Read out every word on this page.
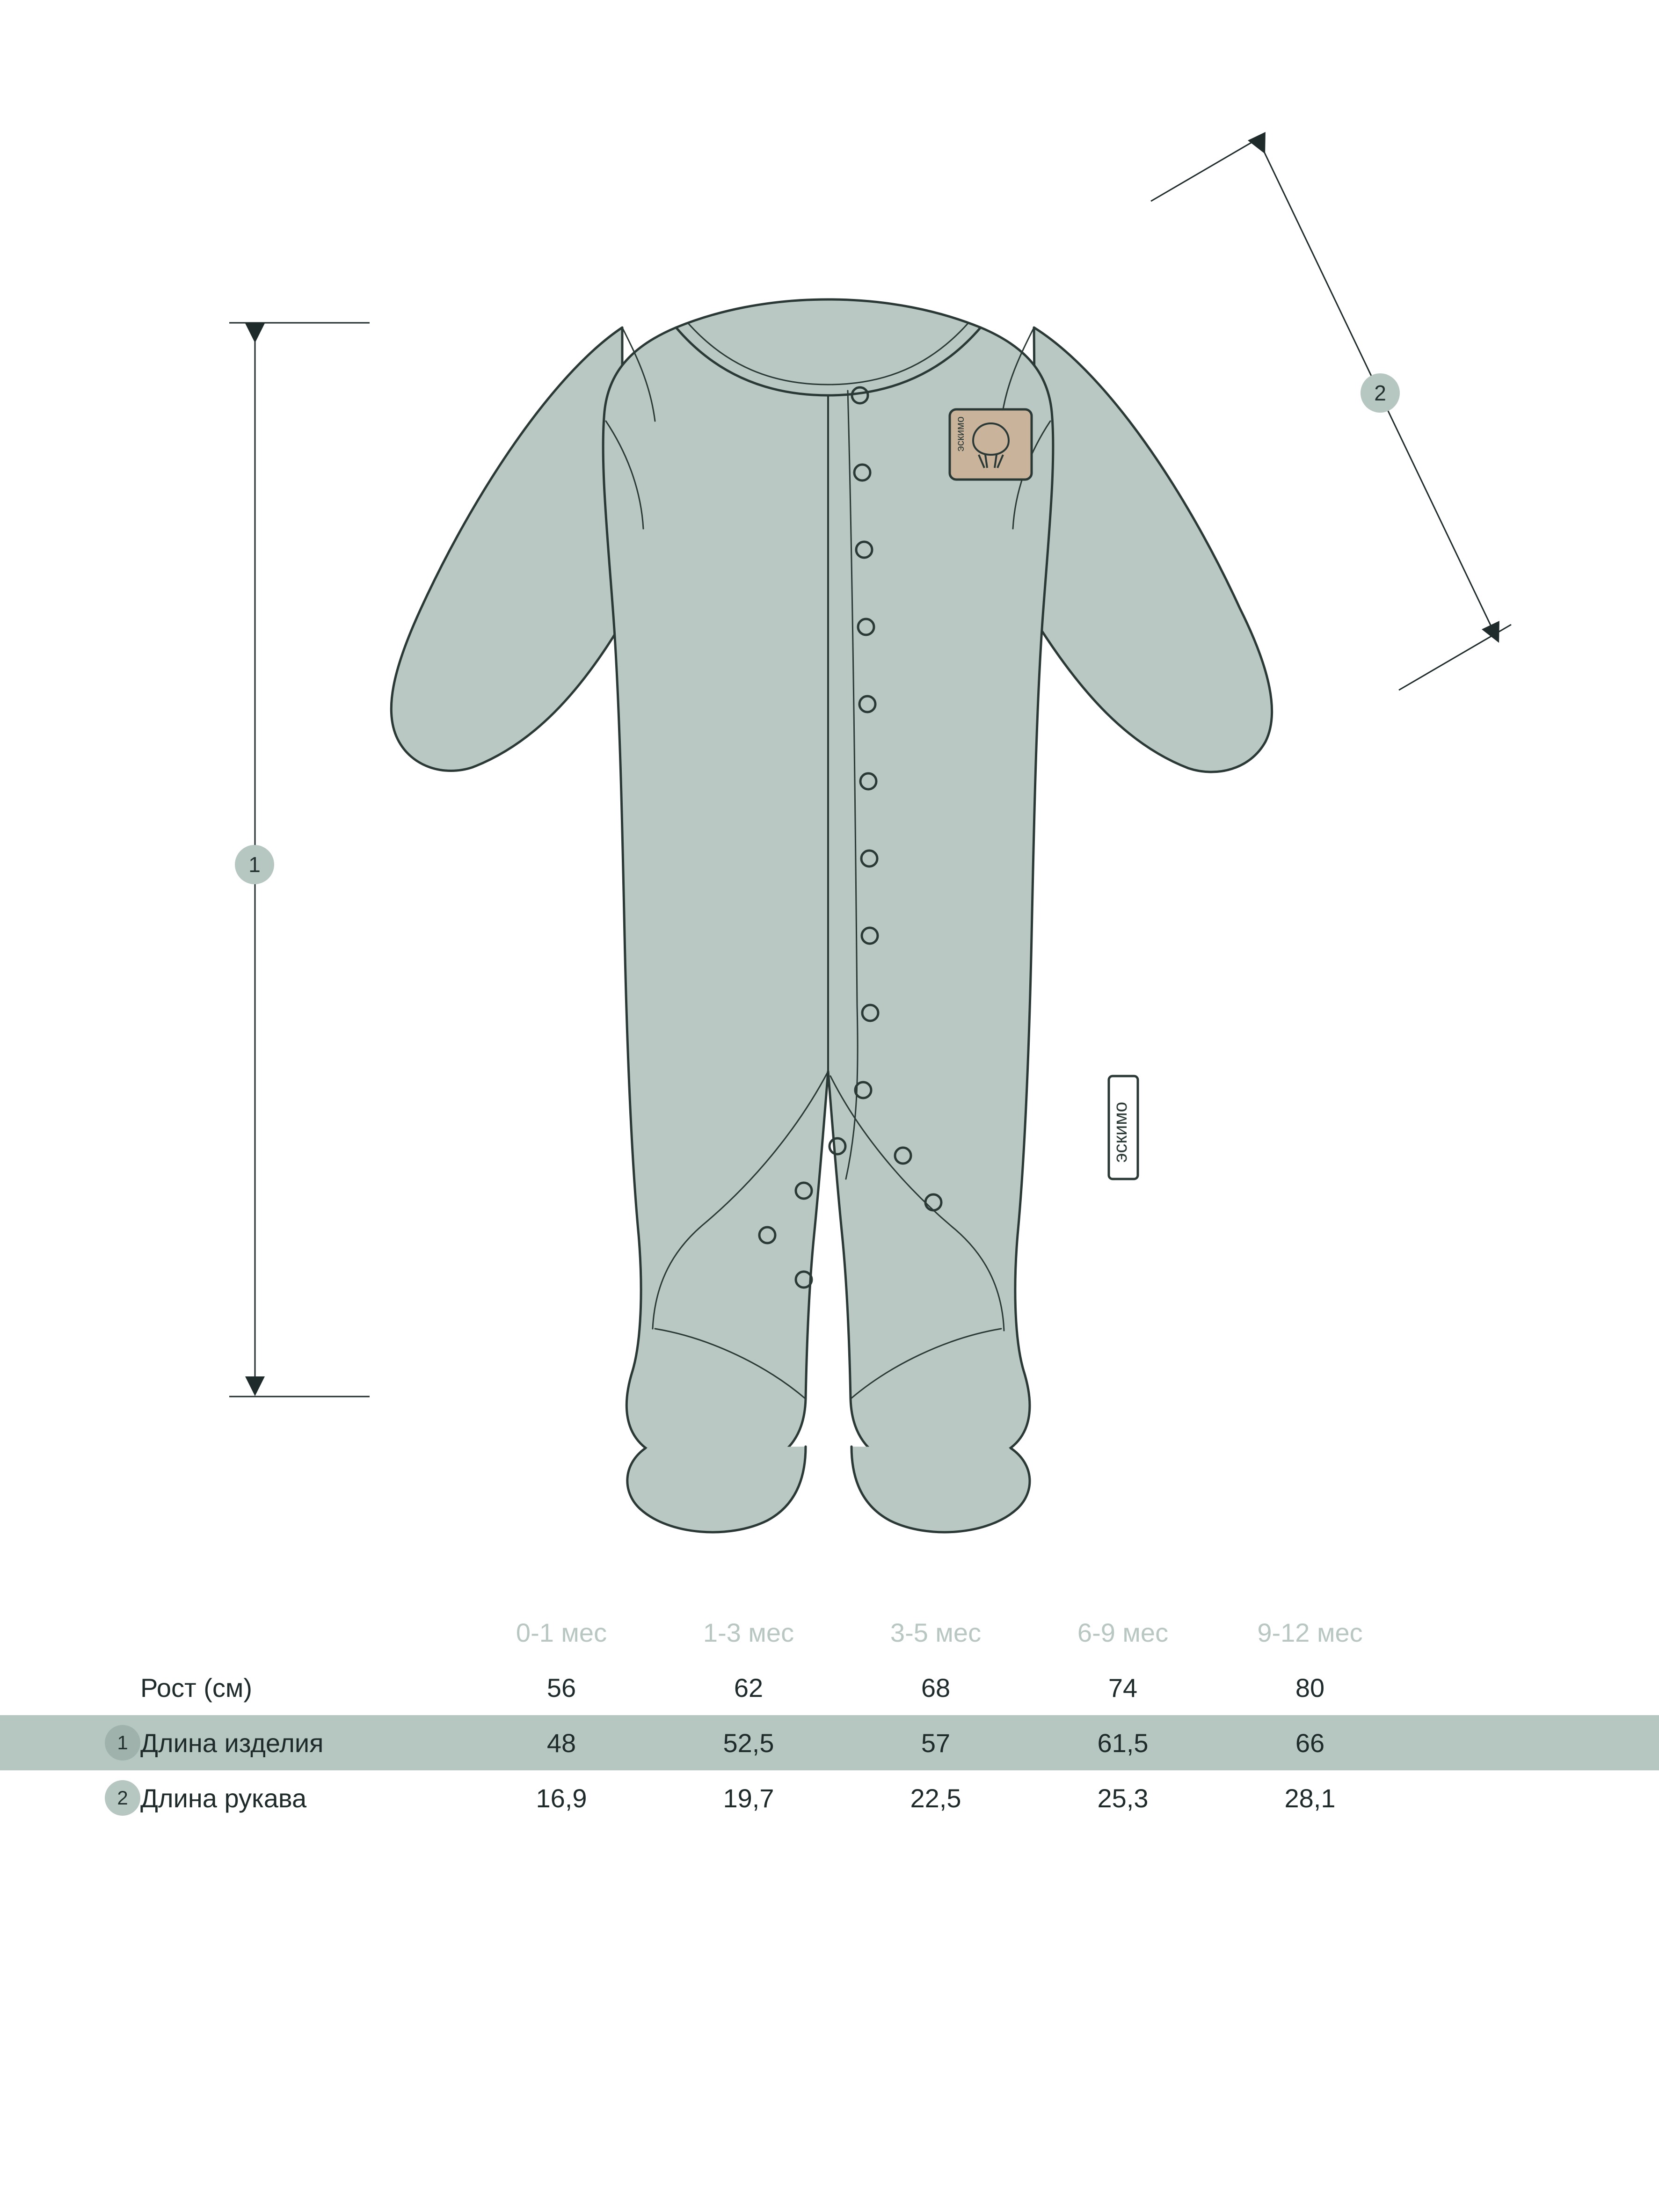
эскимо
эскимо
1
2
		0-1 мес	1-3 мес	3-5 мес	6-9 мес	9-12 мес	
	Рост (см)	56	62	68	74	80	
1	Длина изделия	48	52,5	57	61,5	66	
2	Длина рукава	16,9	19,7	22,5	25,3	28,1	
